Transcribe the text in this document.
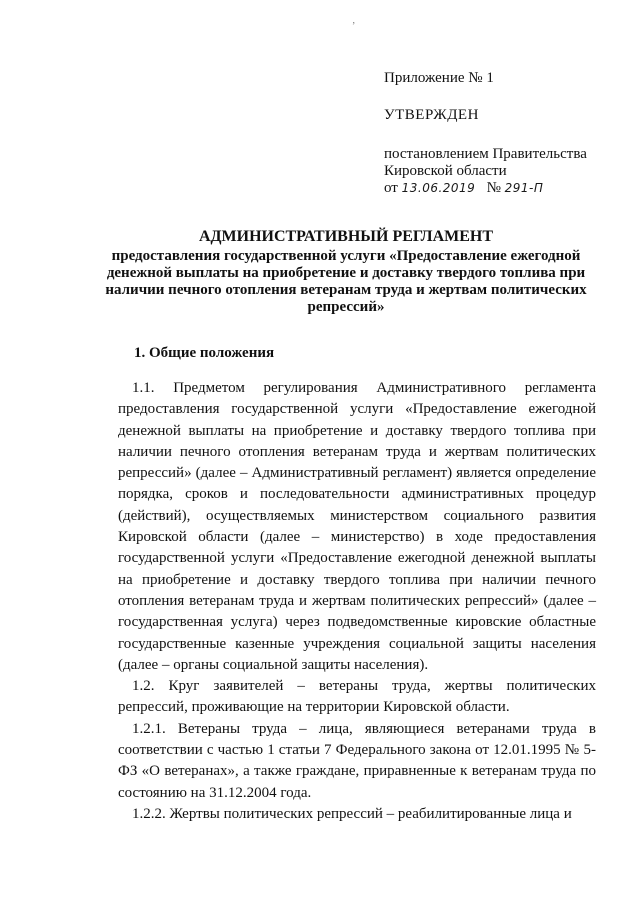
ʼ

Приложение № 1

УТВЕРЖДЕН

постановлением Правительства Кировской области

от 13.06.2019 № 291-П

АДМИНИСТРАТИВНЫЙ РЕГЛАМЕНТ

предоставления государственной услуги «Предоставление ежегодной денежной выплаты на приобретение и доставку твердого топлива при наличии печного отопления ветеранам труда и жертвам политических репрессий»

1. Общие положения

1.1. Предметом регулирования Административного регламента предоставления государственной услуги «Предоставление ежегодной денежной выплаты на приобретение и доставку твердого топлива при наличии печного отопления ветеранам труда и жертвам политических репрессий» (далее – Административный регламент) является определение порядка, сроков и последовательности административных процедур (действий), осуществляемых министерством социального развития Кировской области (далее – министерство) в ходе предоставления государственной услуги «Предоставление ежегодной денежной выплаты на приобретение и доставку твердого топлива при наличии печного отопления ветеранам труда и жертвам политических репрессий» (далее – государственная услуга) через подведомственные кировские областные государственные казенные учреждения социальной защиты населения (далее – органы социальной защиты населения).

1.2. Круг заявителей – ветераны труда, жертвы политических репрессий, проживающие на территории Кировской области.

1.2.1. Ветераны труда – лица, являющиеся ветеранами труда в соответствии с частью 1 статьи 7 Федерального закона от 12.01.1995 № 5-ФЗ «О ветеранах», а также граждане, приравненные к ветеранам труда по состоянию на 31.12.2004 года.

1.2.2. Жертвы политических репрессий – реабилитированные лица и
